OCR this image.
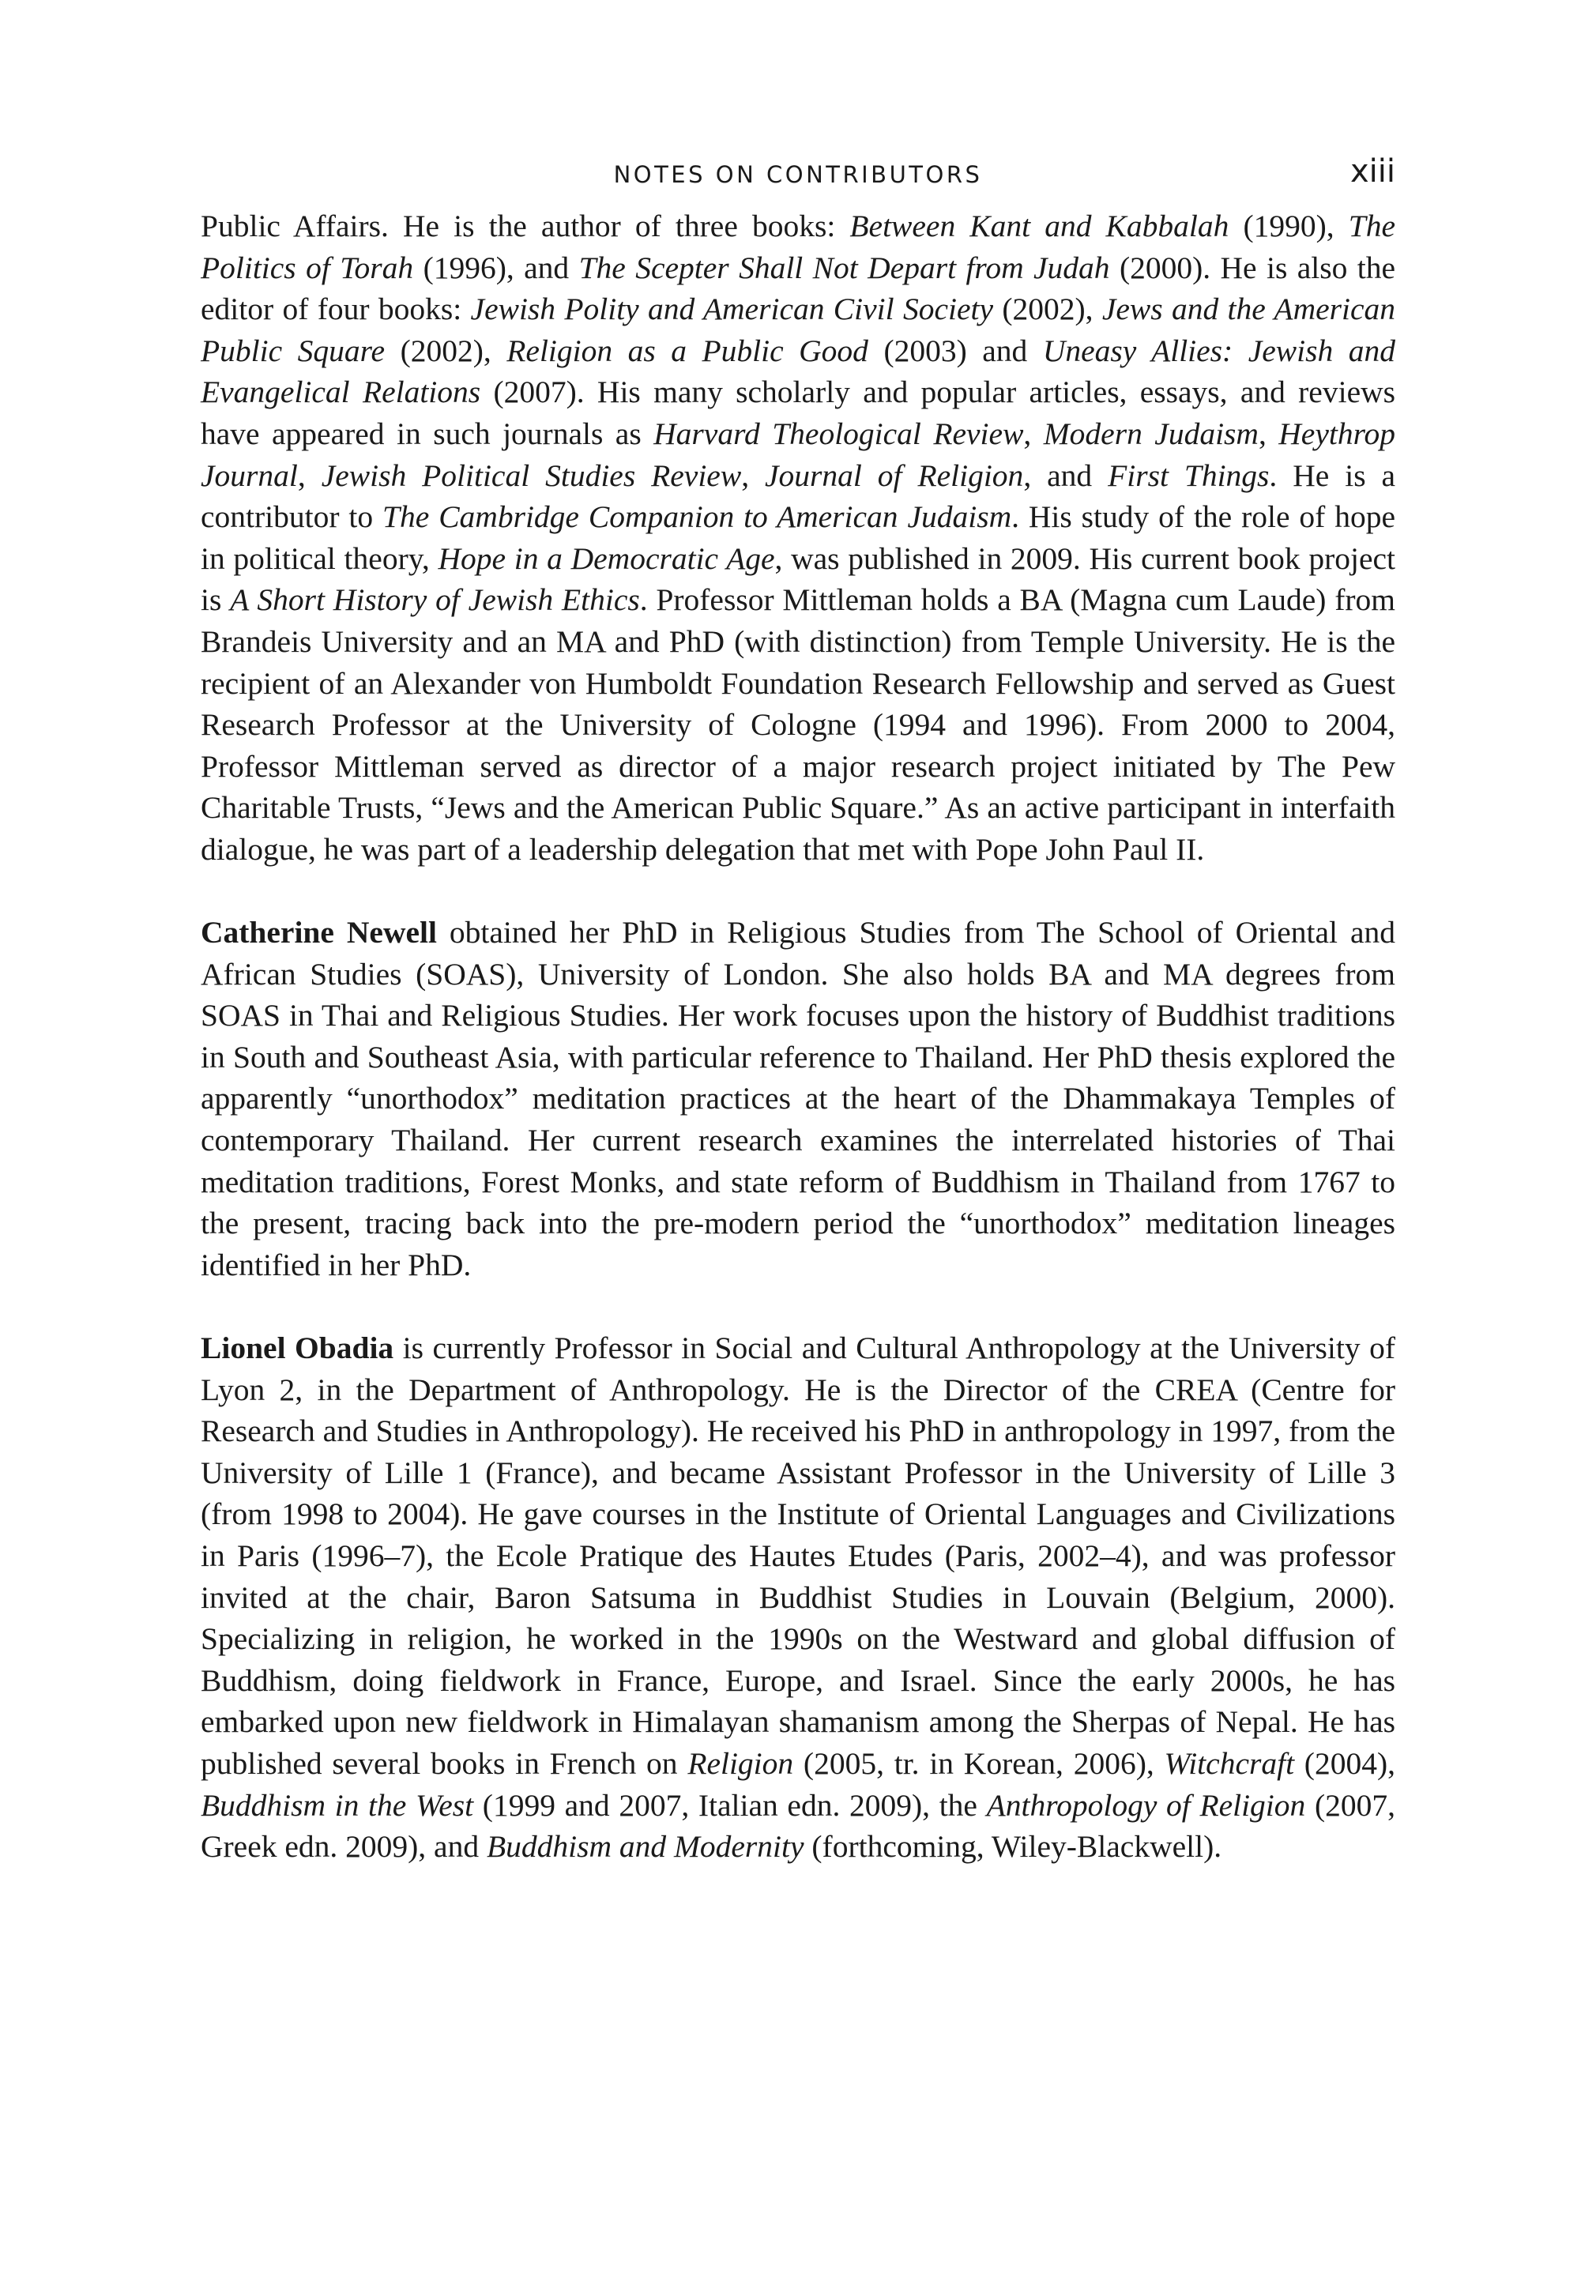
NOTES ON CONTRIBUTORS	xiii

Public Affairs. He is the author of three books: Between Kant and Kabbalah (1990), The Politics of Torah (1996), and The Scepter Shall Not Depart from Judah (2000). He is also the editor of four books: Jewish Polity and American Civil Society (2002), Jews and the American Public Square (2002), Religion as a Public Good (2003) and Uneasy Allies: Jewish and Evangelical Relations (2007). His many scholarly and popular articles, essays, and reviews have appeared in such journals as Harvard Theological Review, Modern Judaism, Heythrop Journal, Jewish Political Studies Review, Journal of Religion, and First Things. He is a contributor to The Cambridge Companion to American Judaism. His study of the role of hope in political theory, Hope in a Democratic Age, was published in 2009. His current book project is A Short History of Jewish Ethics. Professor Mittleman holds a BA (Magna cum Laude) from Brandeis University and an MA and PhD (with distinction) from Temple University. He is the recipient of an Alexander von Humboldt Foundation Research Fellowship and served as Guest Research Professor at the University of Cologne (1994 and 1996). From 2000 to 2004, Professor Mittleman served as director of a major research project initiated by The Pew Charitable Trusts, “Jews and the American Public Square.” As an active participant in interfaith dialogue, he was part of a leadership delegation that met with Pope John Paul II.

Catherine Newell obtained her PhD in Religious Studies from The School of Oriental and African Studies (SOAS), University of London. She also holds BA and MA degrees from SOAS in Thai and Religious Studies. Her work focuses upon the history of Buddhist traditions in South and Southeast Asia, with particular reference to Thailand. Her PhD thesis explored the apparently “unorthodox” meditation practices at the heart of the Dhammakaya Temples of contemporary Thailand. Her current research examines the interrelated histories of Thai meditation traditions, Forest Monks, and state reform of Buddhism in Thailand from 1767 to the present, tracing back into the pre-modern period the “unorthodox” meditation lineages identified in her PhD.

Lionel Obadia is currently Professor in Social and Cultural Anthropology at the University of Lyon 2, in the Department of Anthropology. He is the Director of the CREA (Centre for Research and Studies in Anthropology). He received his PhD in anthropology in 1997, from the University of Lille 1 (France), and became Assistant Professor in the University of Lille 3 (from 1998 to 2004). He gave courses in the Institute of Oriental Languages and Civilizations in Paris (1996–7), the Ecole Pratique des Hautes Etudes (Paris, 2002–4), and was professor invited at the chair, Baron Satsuma in Buddhist Studies in Louvain (Belgium, 2000). Specializing in religion, he worked in the 1990s on the Westward and global diffusion of Buddhism, doing fieldwork in France, Europe, and Israel. Since the early 2000s, he has embarked upon new fieldwork in Himalayan shamanism among the Sherpas of Nepal. He has published several books in French on Religion (2005, tr. in Korean, 2006), Witchcraft (2004), Buddhism in the West (1999 and 2007, Italian edn. 2009), the Anthropology of Religion (2007, Greek edn. 2009), and Buddhism and Modernity (forthcoming, Wiley-Blackwell).
